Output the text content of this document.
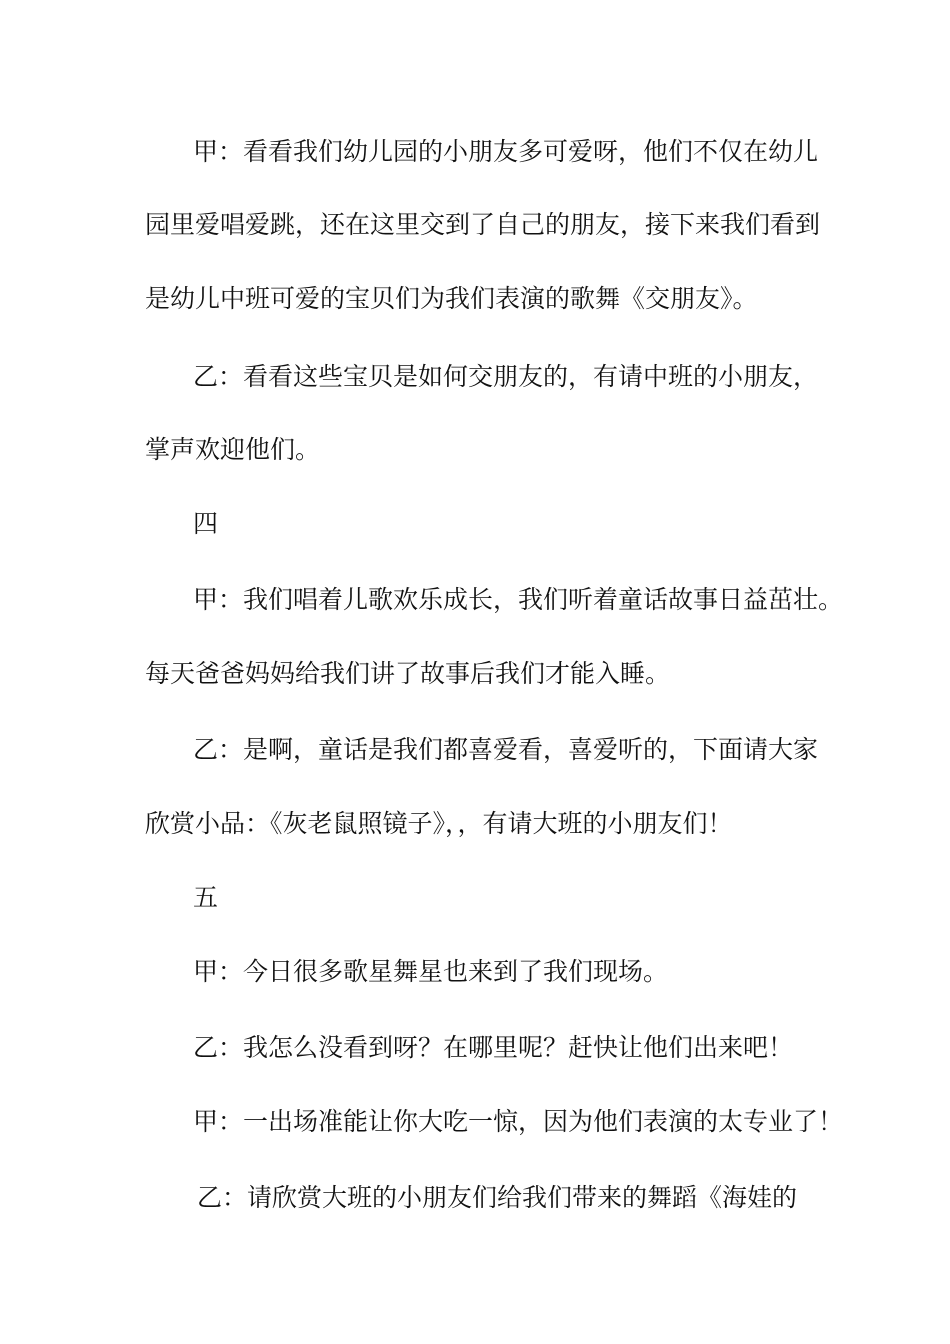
甲：看看我们幼儿园的小朋友多可爱呀，他们不仅在幼儿
园里爱唱爱跳，还在这里交到了自己的朋友，接下来我们看到
是幼儿中班可爱的宝贝们为我们表演的歌舞《交朋友》。
乙：看看这些宝贝是如何交朋友的，有请中班的小朋友，
掌声欢迎他们。
四
甲：我们唱着儿歌欢乐成长，我们听着童话故事日益茁壮。
每天爸爸妈妈给我们讲了故事后我们才能入睡。
乙：是啊，童话是我们都喜爱看，喜爱听的，下面请大家
欣赏小品：《灰老鼠照镜子》，，有请大班的小朋友们！
五
甲：今日很多歌星舞星也来到了我们现场。
乙：我怎么没看到呀？在哪里呢？赶快让他们出来吧！
甲：一出场准能让你大吃一惊，因为他们表演的太专业了！
乙：请欣赏大班的小朋友们给我们带来的舞蹈《海娃的
